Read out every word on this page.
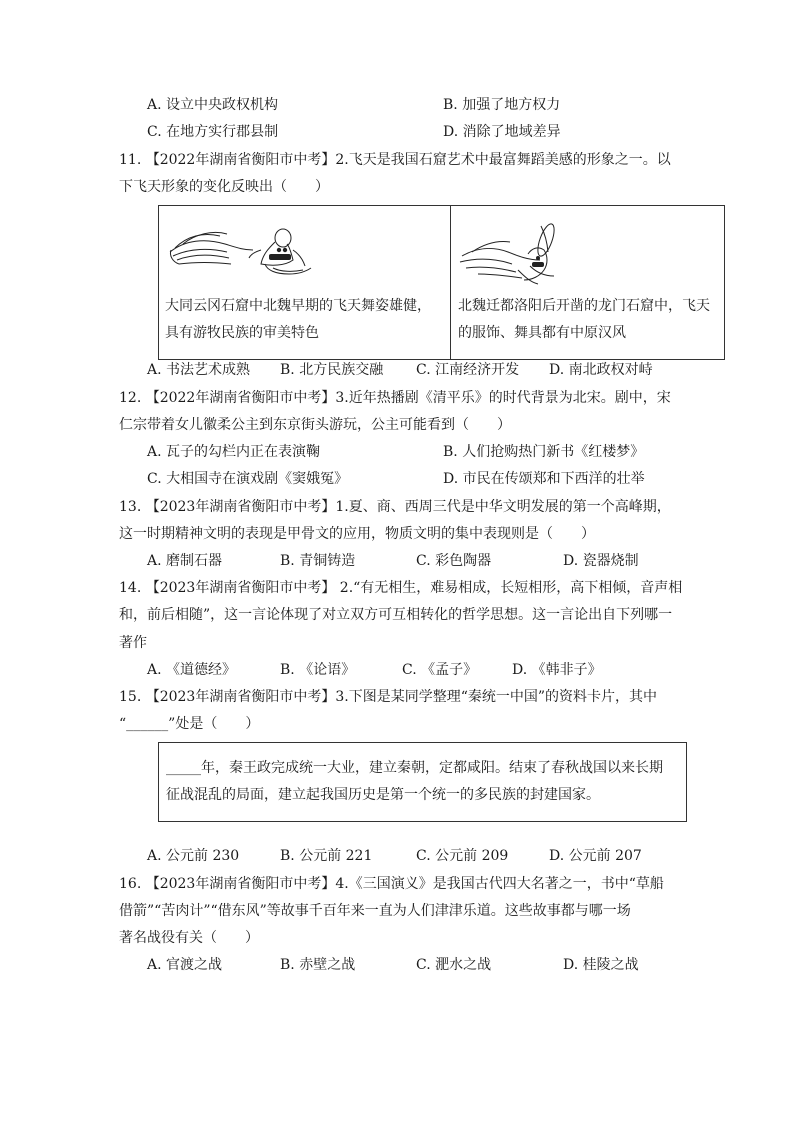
A. 设立中央政权机构	B. 加强了地方权力
C. 在地方实行郡县制	D. 消除了地域差异
11. 【2022年湖南省衡阳市中考】2.飞天是我国石窟艺术中最富舞蹈美感的形象之一。以
下飞天形象的变化反映出（　　）
大同云冈石窟中北魏早期的飞天舞姿雄健，
具有游牧民族的审美特色
北魏迁都洛阳后开凿的龙门石窟中，飞天
的服饰、舞具都有中原汉风
A. 书法艺术成熟 B. 北方民族交融 C. 江南经济开发 D. 南北政权对峙
12. 【2022年湖南省衡阳市中考】3.近年热播剧《清平乐》的时代背景为北宋。剧中，宋
仁宗带着女儿徽柔公主到东京街头游玩，公主可能看到（　　）
A. 瓦子的勾栏内正在表演鞠	B. 人们抢购热门新书《红楼梦》
C. 大相国寺在演戏剧《窦娥冤》	D. 市民在传颂郑和下西洋的壮举
13. 【2023年湖南省衡阳市中考】1.夏、商、西周三代是中华文明发展的第一个高峰期，
这一时期精神文明的表现是甲骨文的应用，物质文明的集中表现则是（　　）
A. 磨制石器	B. 青铜铸造	C. 彩色陶器	D. 瓷器烧制
14. 【2023年湖南省衡阳市中考】 2.“有无相生，难易相成，长短相形，高下相倾，音声相
和，前后相随”，这一言论体现了对立双方可互相转化的哲学思想。这一言论出自下列哪一
著作
A. 《道德经》	B. 《论语》	C. 《孟子》 D. 《韩非子》
15. 【2023年湖南省衡阳市中考】3.下图是某同学整理“秦统一中国”的资料卡片，其中
“______”处是（　　）
_____年，秦王政完成统一大业，建立秦朝，定都咸阳。结束了春秋战国以来长期
征战混乱的局面，建立起我国历史是第一个统一的多民族的封建国家。
A. 公元前 230	B. 公元前 221	C. 公元前 209	D. 公元前 207
16. 【2023年湖南省衡阳市中考】4.《三国演义》是我国古代四大名著之一，书中“草船
借箭”“苦肉计”“借东风”等故事千百年来一直为人们津津乐道。这些故事都与哪一场
著名战役有关（　　）
A. 官渡之战	B. 赤壁之战	C. 淝水之战	D. 桂陵之战
